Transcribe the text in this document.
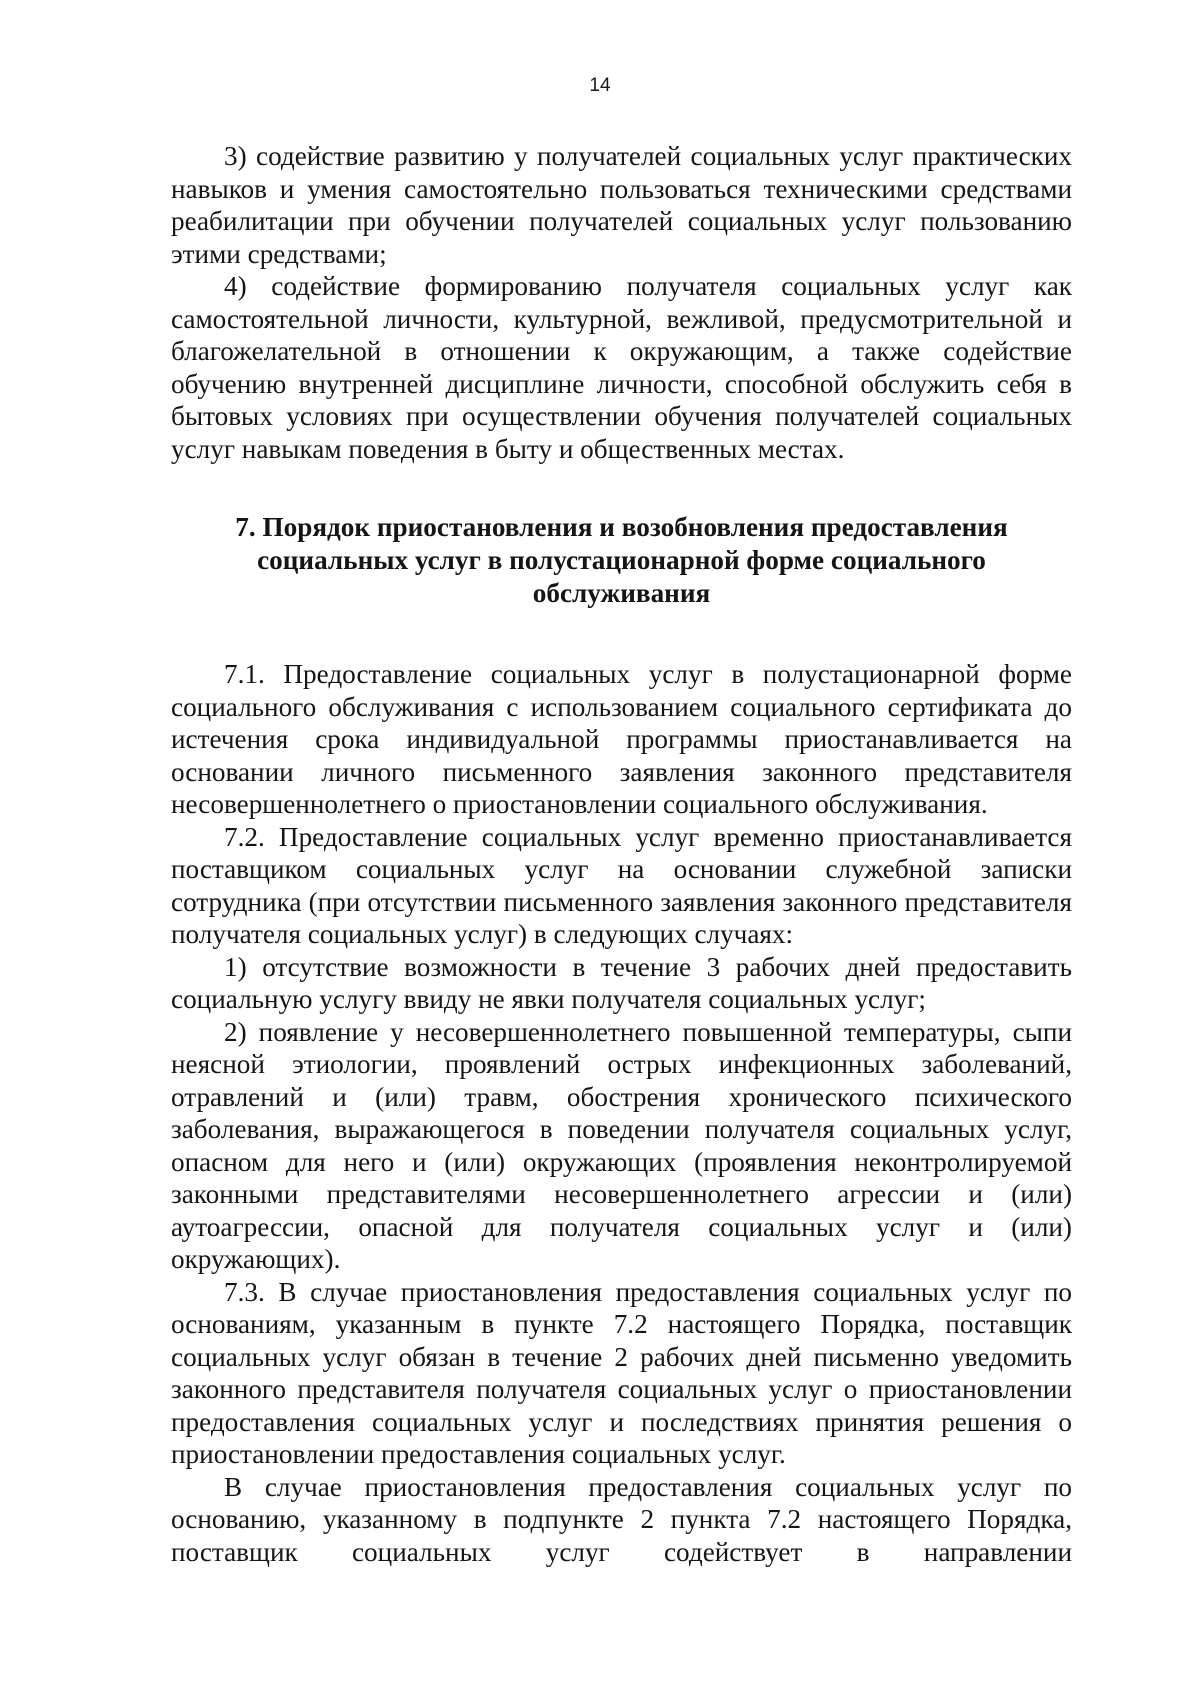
14

3) содействие развитию у получателей социальных услуг практических навыков и умения самостоятельно пользоваться техническими средствами реабилитации при обучении получателей социальных услуг пользованию этими средствами;

4) содействие формированию получателя социальных услуг как самостоятельной личности, культурной, вежливой, предусмотрительной и благожелательной в отношении к окружающим, а также содействие обучению внутренней дисциплине личности, способной обслужить себя в бытовых условиях при осуществлении обучения получателей социальных услуг навыкам поведения в быту и общественных местах.

7. Порядок приостановления и возобновления предоставления
социальных услуг в полустационарной форме социального
обслуживания

7.1. Предоставление социальных услуг в полустационарной форме социального обслуживания с использованием социального сертификата до истечения срока индивидуальной программы приостанавливается на основании личного письменного заявления законного представителя несовершеннолетнего о приостановлении социального обслуживания.

7.2. Предоставление социальных услуг временно приостанавливается поставщиком социальных услуг на основании служебной записки сотрудника (при отсутствии письменного заявления законного представителя получателя социальных услуг) в следующих случаях:

1) отсутствие возможности в течение 3 рабочих дней предоставить социальную услугу ввиду не явки получателя социальных услуг;

2) появление у несовершеннолетнего повышенной температуры, сыпи неясной этиологии, проявлений острых инфекционных заболеваний, отравлений и (или) травм, обострения хронического психического заболевания, выражающегося в поведении получателя социальных услуг, опасном для него и (или) окружающих (проявления неконтролируемой законными представителями несовершеннолетнего агрессии и (или) аутоагрессии, опасной для получателя социальных услуг и (или) окружающих).

7.3. В случае приостановления предоставления социальных услуг по основаниям, указанным в пункте 7.2 настоящего Порядка, поставщик социальных услуг обязан в течение 2 рабочих дней письменно уведомить законного представителя получателя социальных услуг о приостановлении предоставления социальных услуг и последствиях принятия решения о приостановлении предоставления социальных услуг.

В случае приостановления предоставления социальных услуг по основанию, указанному в подпункте 2 пункта 7.2 настоящего Порядка, поставщик социальных услуг содействует в направлении
